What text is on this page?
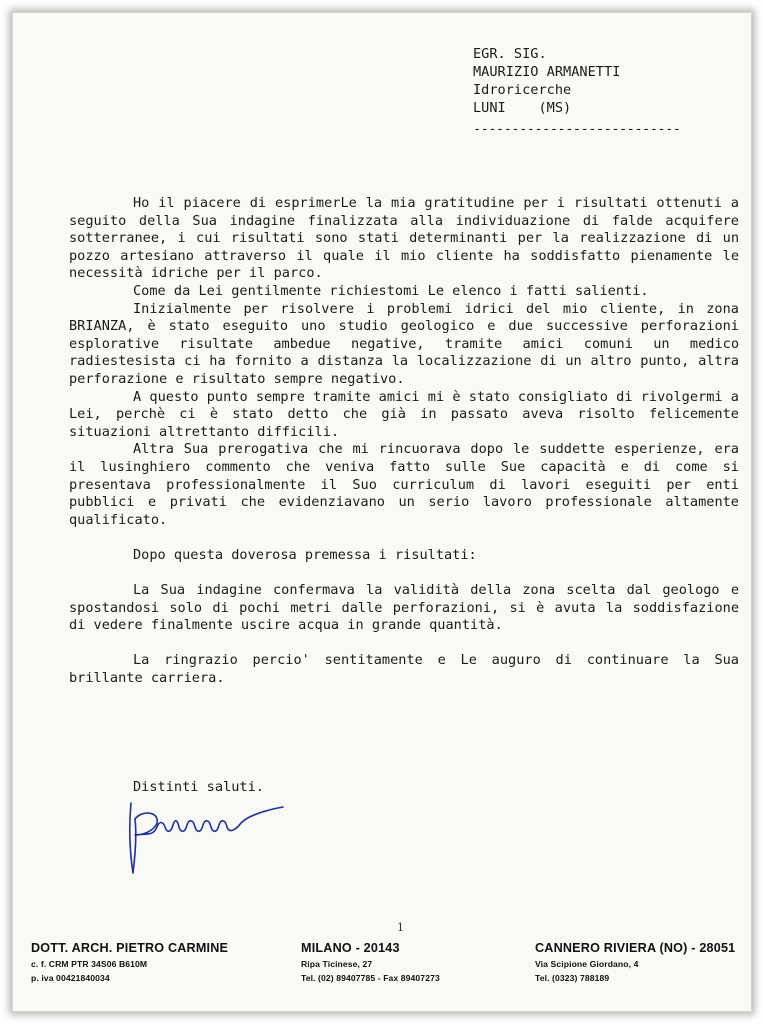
EGR. SIG.
MAURIZIO ARMANETTI
Idroricerche
LUNI    (MS)
---------------------------

Ho il piacere di esprimerLe la mia gratitudine per i risultati ottenuti a seguito della Sua indagine finalizzata alla individuazione di falde acquifere sotterranee, i cui risultati sono stati determinanti per la realizzazione di un pozzo artesiano attraverso il quale il mio cliente ha soddisfatto pienamente le necessità idriche per il parco.

Come da Lei gentilmente richiestomi Le elenco i fatti salienti.

Inizialmente per risolvere i problemi idrici del mio cliente, in zona BRIANZA, è stato eseguito uno studio geologico e due successive perforazioni esplorative risultate ambedue negative, tramite amici comuni un medico radiestesista ci ha fornito a distanza la localizzazione di un altro punto, altra perforazione e risultato sempre negativo.

A questo punto sempre tramite amici mi è stato consigliato di rivolgermi a Lei, perchè ci è stato detto che già in passato aveva risolto felicemente situazioni altrettanto difficili.

Altra Sua prerogativa che mi rincuorava dopo le suddette esperienze, era il lusinghiero commento che veniva fatto sulle Sue capacità e di come si presentava professionalmente il Suo curriculum di lavori eseguiti per enti pubblici e privati che evidenziavano un serio lavoro professionale altamente qualificato.

Dopo questa doverosa premessa i risultati:

La Sua indagine confermava la validità della zona scelta dal geologo e spostandosi solo di pochi metri dalle perforazioni, si è avuta la soddisfazione di vedere finalmente uscire acqua in grande quantità.

La ringrazio percio' sentitamente e Le auguro di continuare la Sua brillante carriera.

Distinti saluti.
1
DOTT. ARCH. PIETRO CARMINE
c. f. CRM PTR 34S06 B610M
p. iva 00421840034
MILANO - 20143
Ripa Ticinese, 27
Tel. (02) 89407785 - Fax 89407273
CANNERO RIVIERA (NO) - 28051
Via Scipione Giordano, 4
Tel. (0323) 788189
